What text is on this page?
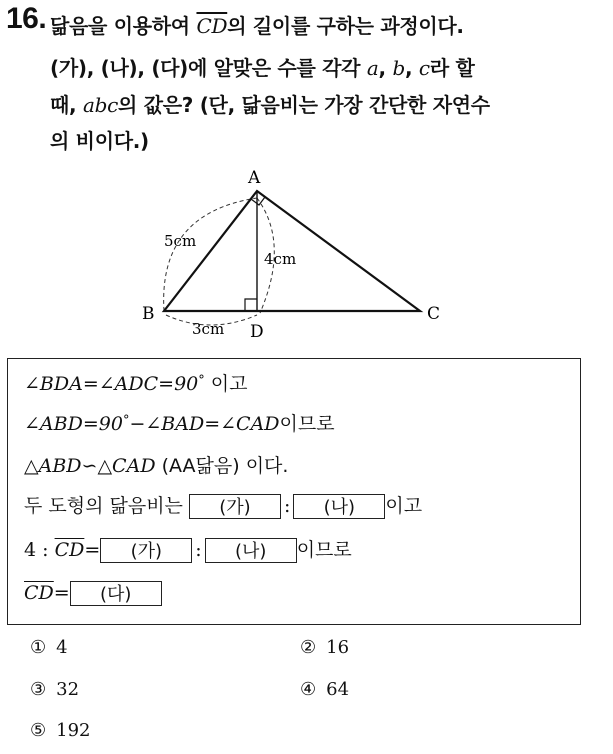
16. 닮음을 이용하여 $\overline{CD}$의 길이를 구하는 과정이다.
(가), (나), (다)에 알맞은 수를 각각 a, b, c라 할
때, abc의 값은? (단, 닮음비는 가장 간단한 자연수
의 비이다.)
A
B	C
D
5cm
4cm
3cm
∠BDA=∠ADC=90° 이고
∠ABD=90°−∠BAD=∠CAD이므로
△ABD∽△CAD (AA닮음) 이다.
두 도형의 닮음비는 (가) : (나) 이고
4 : $\overline{CD}=$ (가) : (나) 이므로
$\overline{CD}=$ (다)
① 4	② 16
③ 32	④ 64
⑤ 192
